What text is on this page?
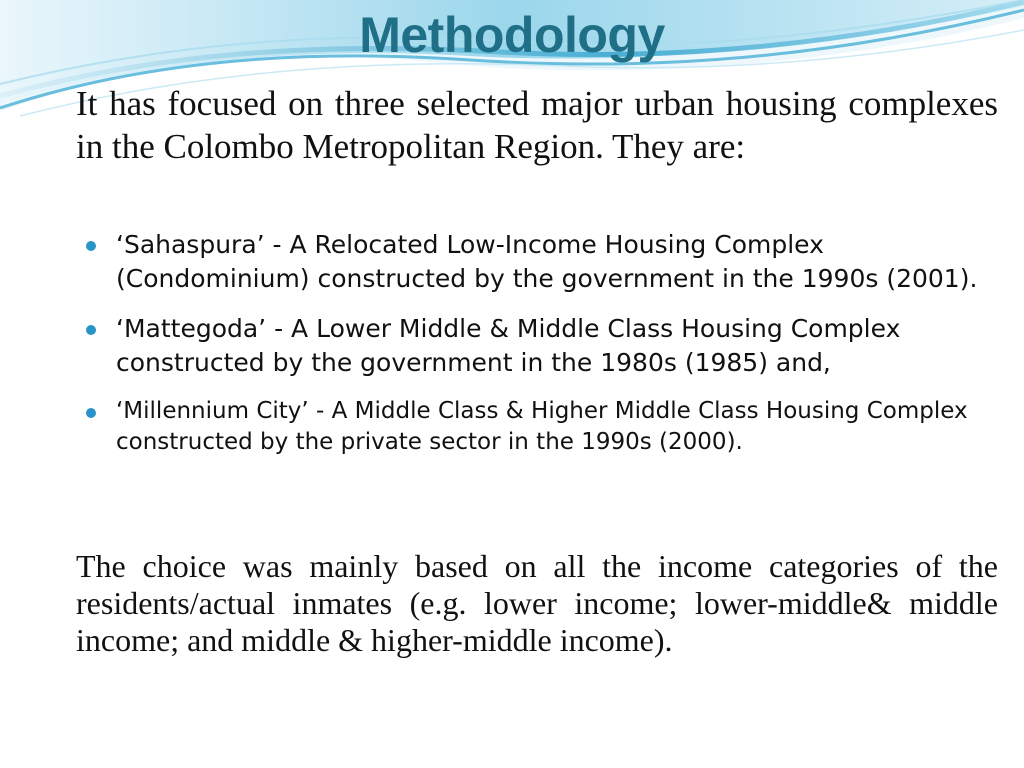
Methodology

It has focused on three selected major urban housing complexes in the Colombo Metropolitan Region. They are:

‘Sahaspura’ - A Relocated Low-Income Housing Complex (Condominium) constructed by the government in the 1990s (2001).
‘Mattegoda’ - A Lower Middle & Middle Class Housing Complex constructed by the government in the 1980s (1985) and,
‘Millennium City’ - A Middle Class & Higher Middle Class Housing Complex constructed by the private sector in the 1990s (2000).

The choice was mainly based on all the income categories of the residents/actual inmates (e.g. lower income; lower-middle& middle income; and middle & higher-middle income).
